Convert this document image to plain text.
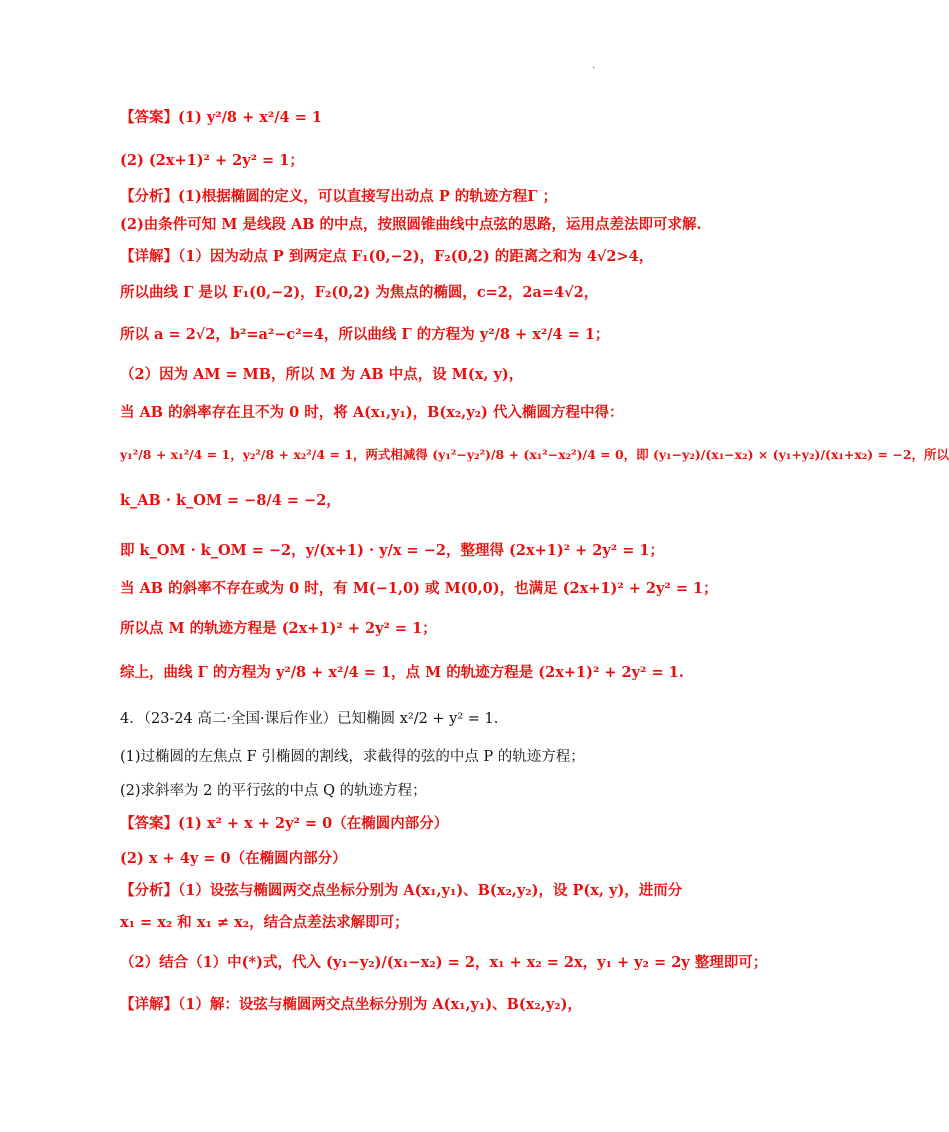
.
【答案】(1) y²/8 + x²/4 = 1
(2) (2x+1)² + 2y² = 1；
【分析】(1)根据椭圆的定义，可以直接写出动点 P 的轨迹方程Γ ；
(2)由条件可知 M 是线段 AB 的中点，按照圆锥曲线中点弦的思路，运用点差法即可求解.
【详解】（1）因为动点 P 到两定点 F₁(0,−2)，F₂(0,2) 的距离之和为 4√2>4，
所以曲线 Γ 是以 F₁(0,−2)，F₂(0,2) 为焦点的椭圆，c=2，2a=4√2，
所以 a = 2√2，b²=a²−c²=4，所以曲线 Γ 的方程为 y²/8 + x²/4 = 1；
（2）因为 AM = MB，所以 M 为 AB 中点，设 M(x, y)，
当 AB 的斜率存在且不为 0 时，将 A(x₁,y₁)，B(x₂,y₂) 代入椭圆方程中得：
y₁²/8 + x₁²/4 = 1，y₂²/8 + x₂²/4 = 1，两式相减得 (y₁²−y₂²)/8 + (x₁²−x₂²)/4 = 0，即 (y₁−y₂)/(x₁−x₂) × (y₁+y₂)/(x₁+x₂) = −2，所以
k_AB · k_OM = −8/4 = −2，
即 k_OM · k_OM = −2，y/(x+1) · y/x = −2，整理得 (2x+1)² + 2y² = 1；
当 AB 的斜率不存在或为 0 时，有 M(−1,0) 或 M(0,0)，也满足 (2x+1)² + 2y² = 1；
所以点 M 的轨迹方程是 (2x+1)² + 2y² = 1；
综上，曲线 Γ 的方程为 y²/8 + x²/4 = 1，点 M 的轨迹方程是 (2x+1)² + 2y² = 1.
4．（23-24 高二·全国·课后作业）已知椭圆 x²/2 + y² = 1.
(1)过椭圆的左焦点 F 引椭圆的割线，求截得的弦的中点 P 的轨迹方程；
(2)求斜率为 2 的平行弦的中点 Q 的轨迹方程；
【答案】(1) x² + x + 2y² = 0（在椭圆内部分）
(2) x + 4y = 0（在椭圆内部分）
【分析】（1）设弦与椭圆两交点坐标分别为 A(x₁,y₁)、B(x₂,y₂)，设 P(x, y)，进而分
x₁ = x₂ 和 x₁ ≠ x₂，结合点差法求解即可；
（2）结合（1）中(*)式，代入 (y₁−y₂)/(x₁−x₂) = 2，x₁ + x₂ = 2x，y₁ + y₂ = 2y 整理即可；
【详解】（1）解：设弦与椭圆两交点坐标分别为 A(x₁,y₁)、B(x₂,y₂)，
